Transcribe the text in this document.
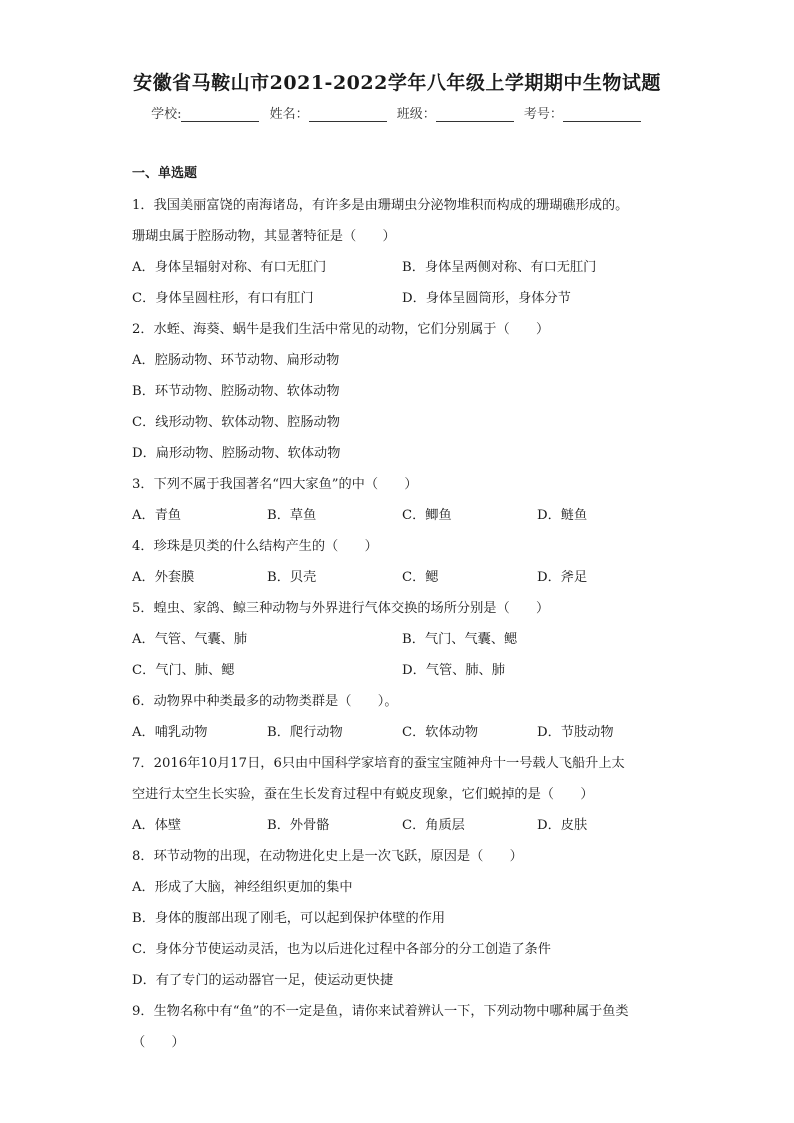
安徽省马鞍山市2021-2022学年八年级上学期期中生物试题
学校:	姓名：	班级：	考号：
一、单选题
1．我国美丽富饶的南海诸岛，有许多是由珊瑚虫分泌物堆积而构成的珊瑚礁形成的。
珊瑚虫属于腔肠动物，其显著特征是（　　）
A．身体呈辐射对称、有口无肛门	B．身体呈两侧对称、有口无肛门
C．身体呈圆柱形，有口有肛门	D．身体呈圆筒形，身体分节
2．水蛭、海葵、蜗牛是我们生活中常见的动物，它们分别属于（　　）
A．腔肠动物、环节动物、扁形动物
B．环节动物、腔肠动物、软体动物
C．线形动物、软体动物、腔肠动物
D．扁形动物、腔肠动物、软体动物
3．下列不属于我国著名“四大家鱼”的中（　　）
A．青鱼	B．草鱼	C．鲫鱼	D．鲢鱼
4．珍珠是贝类的什么结构产生的（　　）
A．外套膜	B．贝壳	C．鳃	D．斧足
5．蝗虫、家鸽、鲸三种动物与外界进行气体交换的场所分别是（　　）
A．气管、气囊、肺	B．气门、气囊、鳃
C．气门、肺、鳃	D．气管、肺、肺
6．动物界中种类最多的动物类群是（　　）。
A．哺乳动物	B．爬行动物	C．软体动物	D．节肢动物
7．2016年10月17日，6只由中国科学家培育的蚕宝宝随神舟十一号载人飞船升上太
空进行太空生长实验，蚕在生长发育过程中有蜕皮现象，它们蜕掉的是（　　）
A．体壁	B．外骨骼	C．角质层	D．皮肤
8．环节动物的出现，在动物进化史上是一次飞跃，原因是（　　）
A．形成了大脑，神经组织更加的集中
B．身体的腹部出现了刚毛，可以起到保护体壁的作用
C．身体分节使运动灵活，也为以后进化过程中各部分的分工创造了条件
D．有了专门的运动器官一足，使运动更快捷
9．生物名称中有“鱼”的不一定是鱼，请你来试着辨认一下，下列动物中哪种属于鱼类
（　　）
